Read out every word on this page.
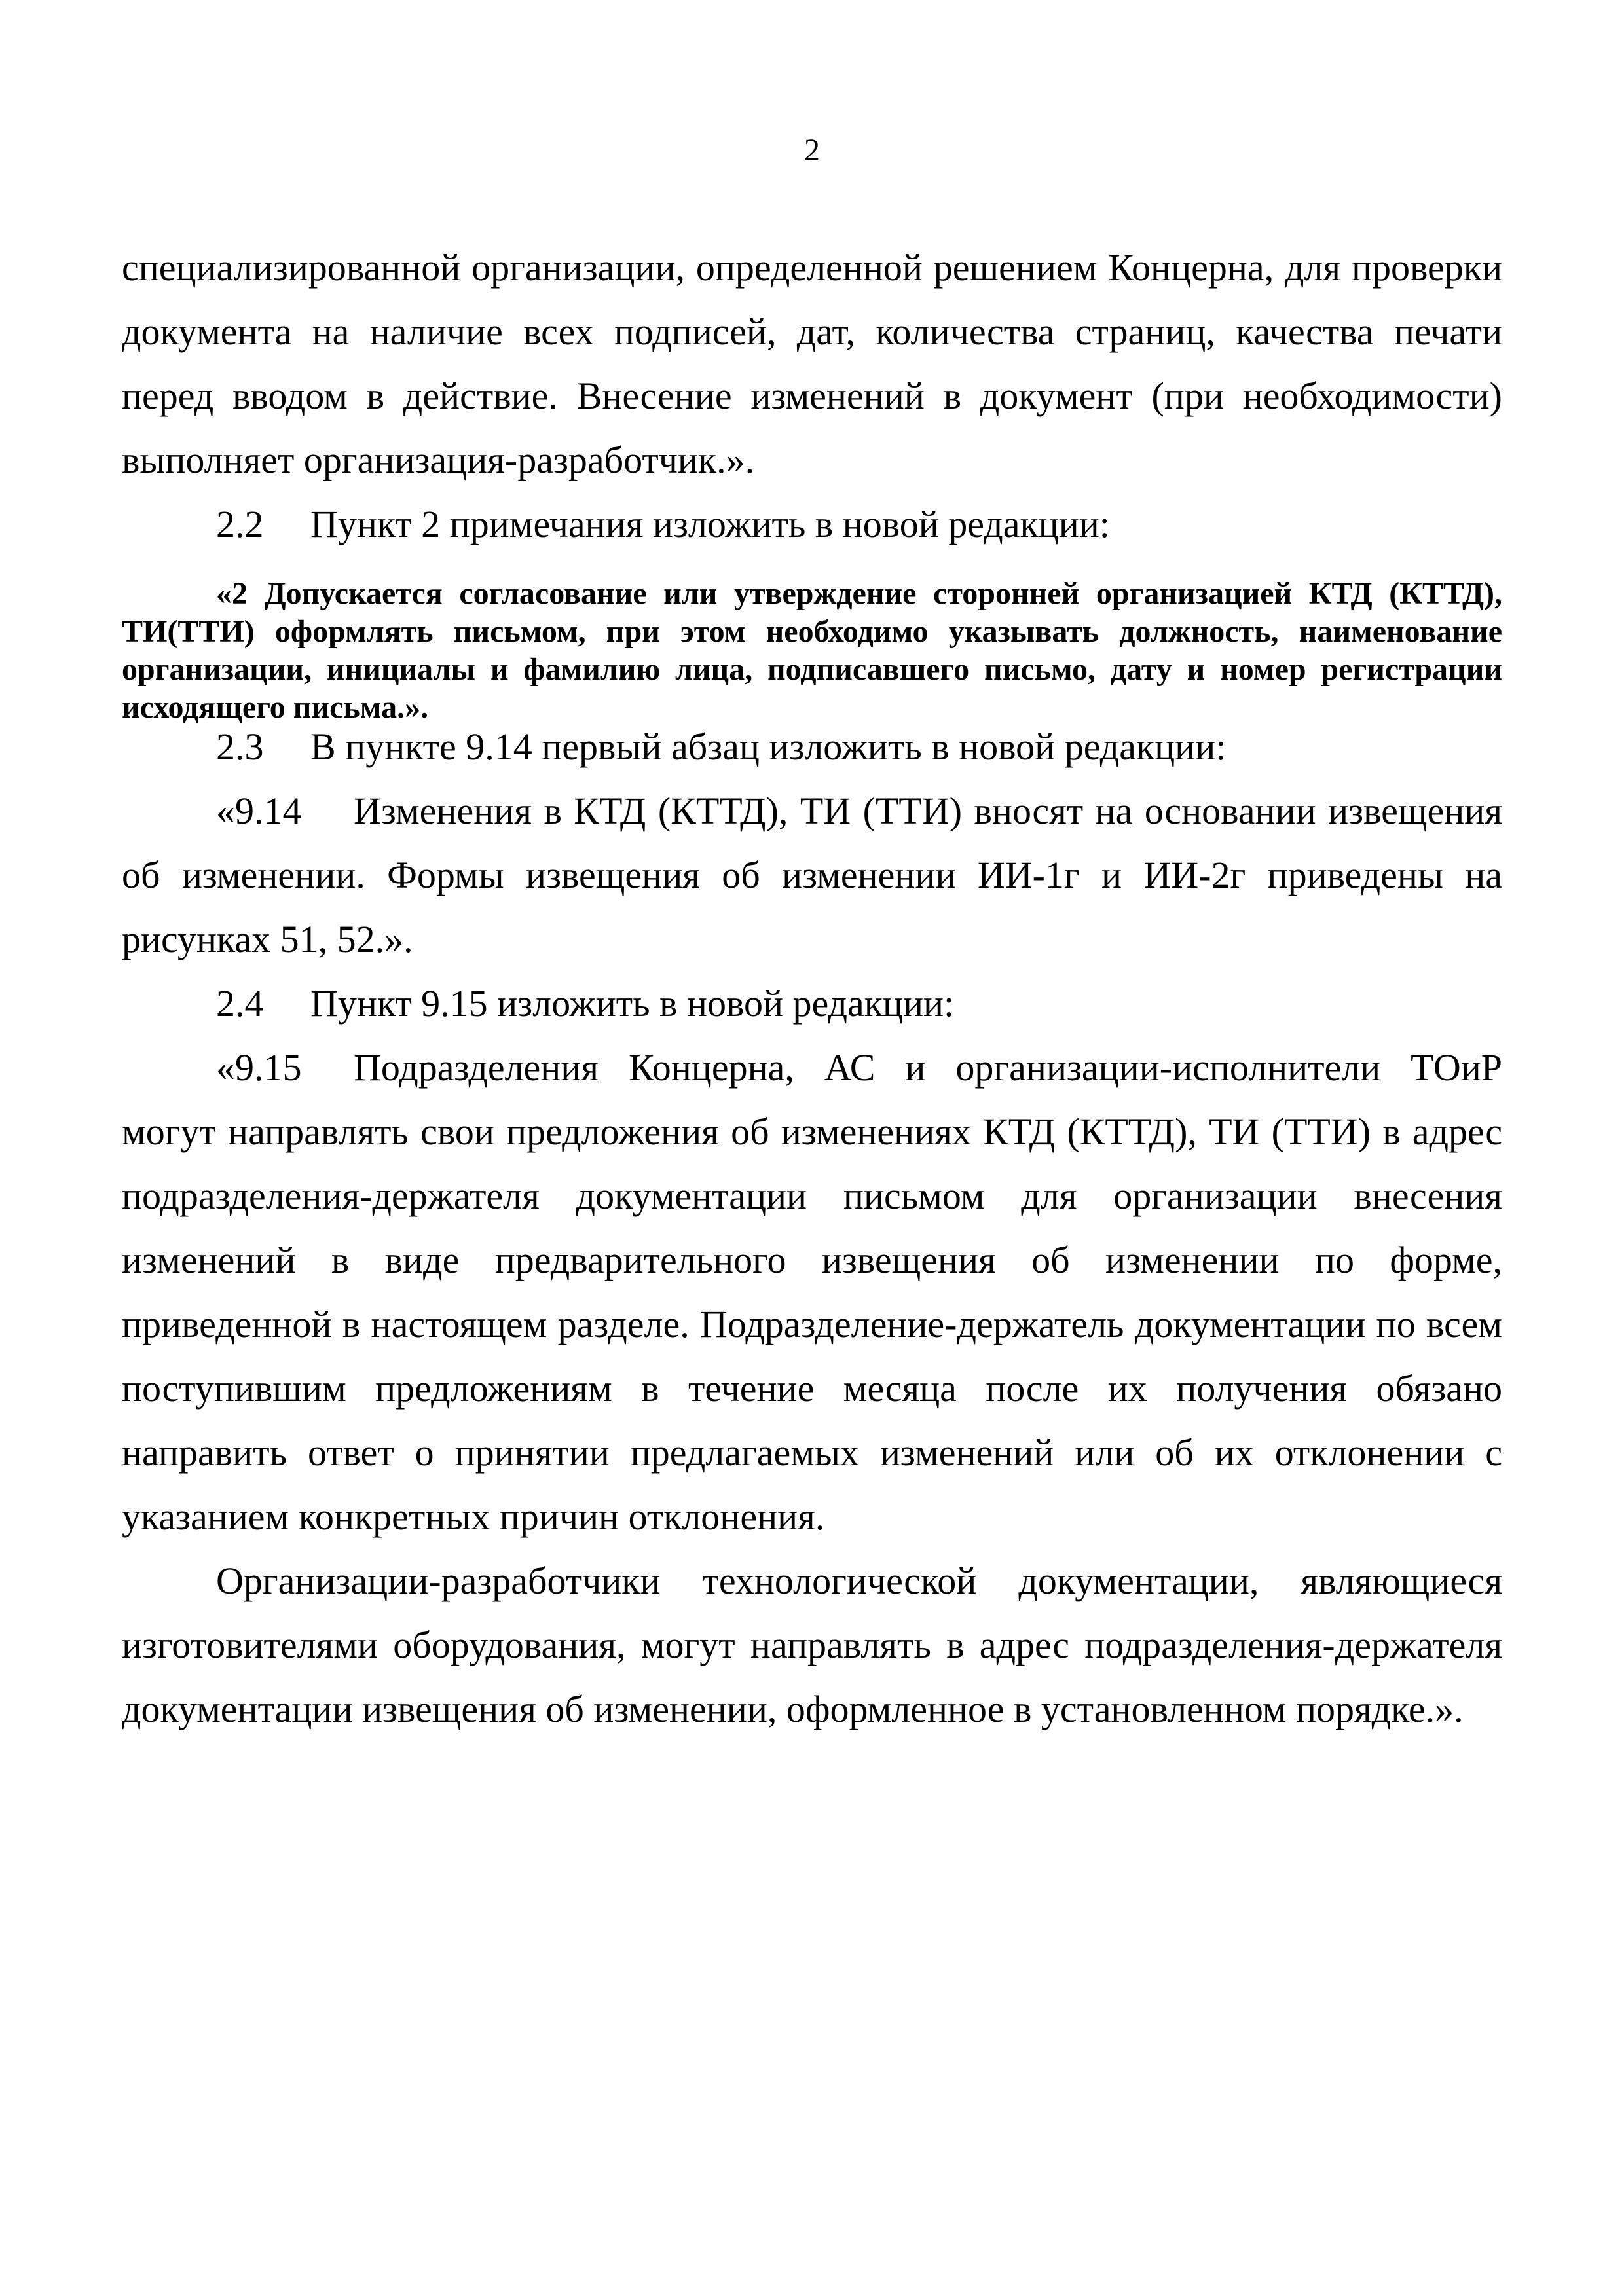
2

специализированной организации, определенной решением Концерна, для проверки документа на наличие всех подписей, дат, количества страниц, качества печати перед вводом в действие. Внесение изменений в документ (при необходимости) выполняет организация-разработчик.».

2.2 Пункт 2 примечания изложить в новой редакции:

«2 Допускается согласование или утверждение сторонней организацией КТД (КТТД), ТИ(ТТИ) оформлять письмом, при этом необходимо указывать должность, наименование организации, инициалы и фамилию лица, подписавшего письмо, дату и номер регистрации исходящего письма.».

2.3 В пункте 9.14 первый абзац изложить в новой редакции:

«9.14 Изменения в КТД (КТТД), ТИ (ТТИ) вносят на основании извещения об изменении. Формы извещения об изменении ИИ-1г и ИИ-2г приведены на рисунках 51, 52.».

2.4 Пункт 9.15 изложить в новой редакции:

«9.15 Подразделения Концерна, АС и организации-исполнители ТОиР могут направлять свои предложения об изменениях КТД (КТТД), ТИ (ТТИ) в адрес подразделения-держателя документации письмом для организации внесения изменений в виде предварительного извещения об изменении по форме, приведенной в настоящем разделе. Подразделение-держатель документации по всем поступившим предложениям в течение месяца после их получения обязано направить ответ о принятии предлагаемых изменений или об их отклонении с указанием конкретных причин отклонения.

Организации-разработчики технологической документации, являющиеся изготовителями оборудования, могут направлять в адрес подразделения-держателя документации извещения об изменении, оформленное в установленном порядке.».
